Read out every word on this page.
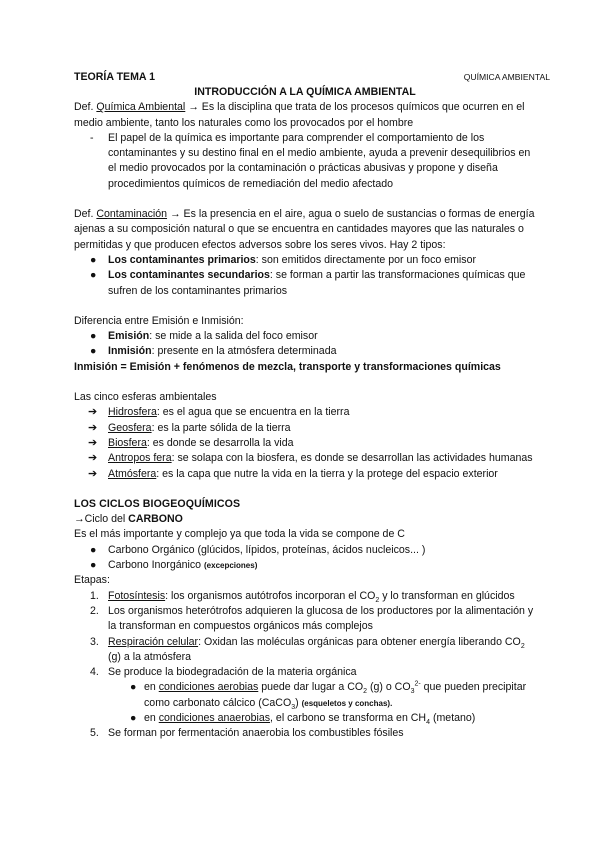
TEORÍA TEMA 1	QUÍMICA AMBIENTAL
INTRODUCCIÓN A LA QUÍMICA AMBIENTAL
Def. Química Ambiental → Es la disciplina que trata de los procesos químicos que ocurren en el medio ambiente, tanto los naturales como los provocados por el hombre
- El papel de la química es importante para comprender el comportamiento de los contaminantes y su destino final en el medio ambiente, ayuda a prevenir desequilibrios en el medio provocados por la contaminación o prácticas abusivas y propone y diseña procedimientos químicos de remediación del medio afectado
Def. Contaminación → Es la presencia en el aire, agua o suelo de sustancias o formas de energía ajenas a su composición natural o que se encuentra en cantidades mayores que las naturales o permitidas y que producen efectos adversos sobre los seres vivos. Hay 2 tipos:
● Los contaminantes primarios: son emitidos directamente por un foco emisor
● Los contaminantes secundarios: se forman a partir las transformaciones químicas que sufren de los contaminantes primarios
Diferencia entre Emisión e Inmisión:
● Emisión: se mide a la salida del foco emisor
● Inmisión: presente en la atmósfera determinada
Inmisión = Emisión + fenómenos de mezcla, transporte y transformaciones químicas
Las cinco esferas ambientales
➔ Hidrosfera: es el agua que se encuentra en la tierra
➔ Geosfera: es la parte sólida de la tierra
➔ Biosfera: es donde se desarrolla la vida
➔ Antropos fera: se solapa con la biosfera, es donde se desarrollan las actividades humanas
➔ Atmósfera: es la capa que nutre la vida en la tierra y la protege del espacio exterior
LOS CICLOS BIOGEOQUÍMICOS
→Ciclo del CARBONO
Es el más importante y complejo ya que toda la vida se compone de C
● Carbono Orgánico (glúcidos, lípidos, proteínas, ácidos nucleicos... )
● Carbono Inorgánico (excepciones)
Etapas:
1. Fotosíntesis: los organismos autótrofos incorporan el $CO_2$ y lo transforman en glúcidos
2. Los organismos heterótrofos adquieren la glucosa de los productores por la alimentación y la transforman en compuestos orgánicos más complejos
3. Respiración celular: Oxidan las moléculas orgánicas para obtener energía liberando $CO_2$ (g) a la atmósfera
4. Se produce la biodegradación de la materia orgánica
● en condiciones aerobias puede dar lugar a $CO_2$ (g) o $CO_3^{2-}$ que pueden precipitar como carbonato cálcico (CaCO$_3$) (esqueletos y conchas).
● en condiciones anaerobias, el carbono se transforma en $CH_4$ (metano)
5. Se forman por fermentación anaerobia los combustibles fósiles
